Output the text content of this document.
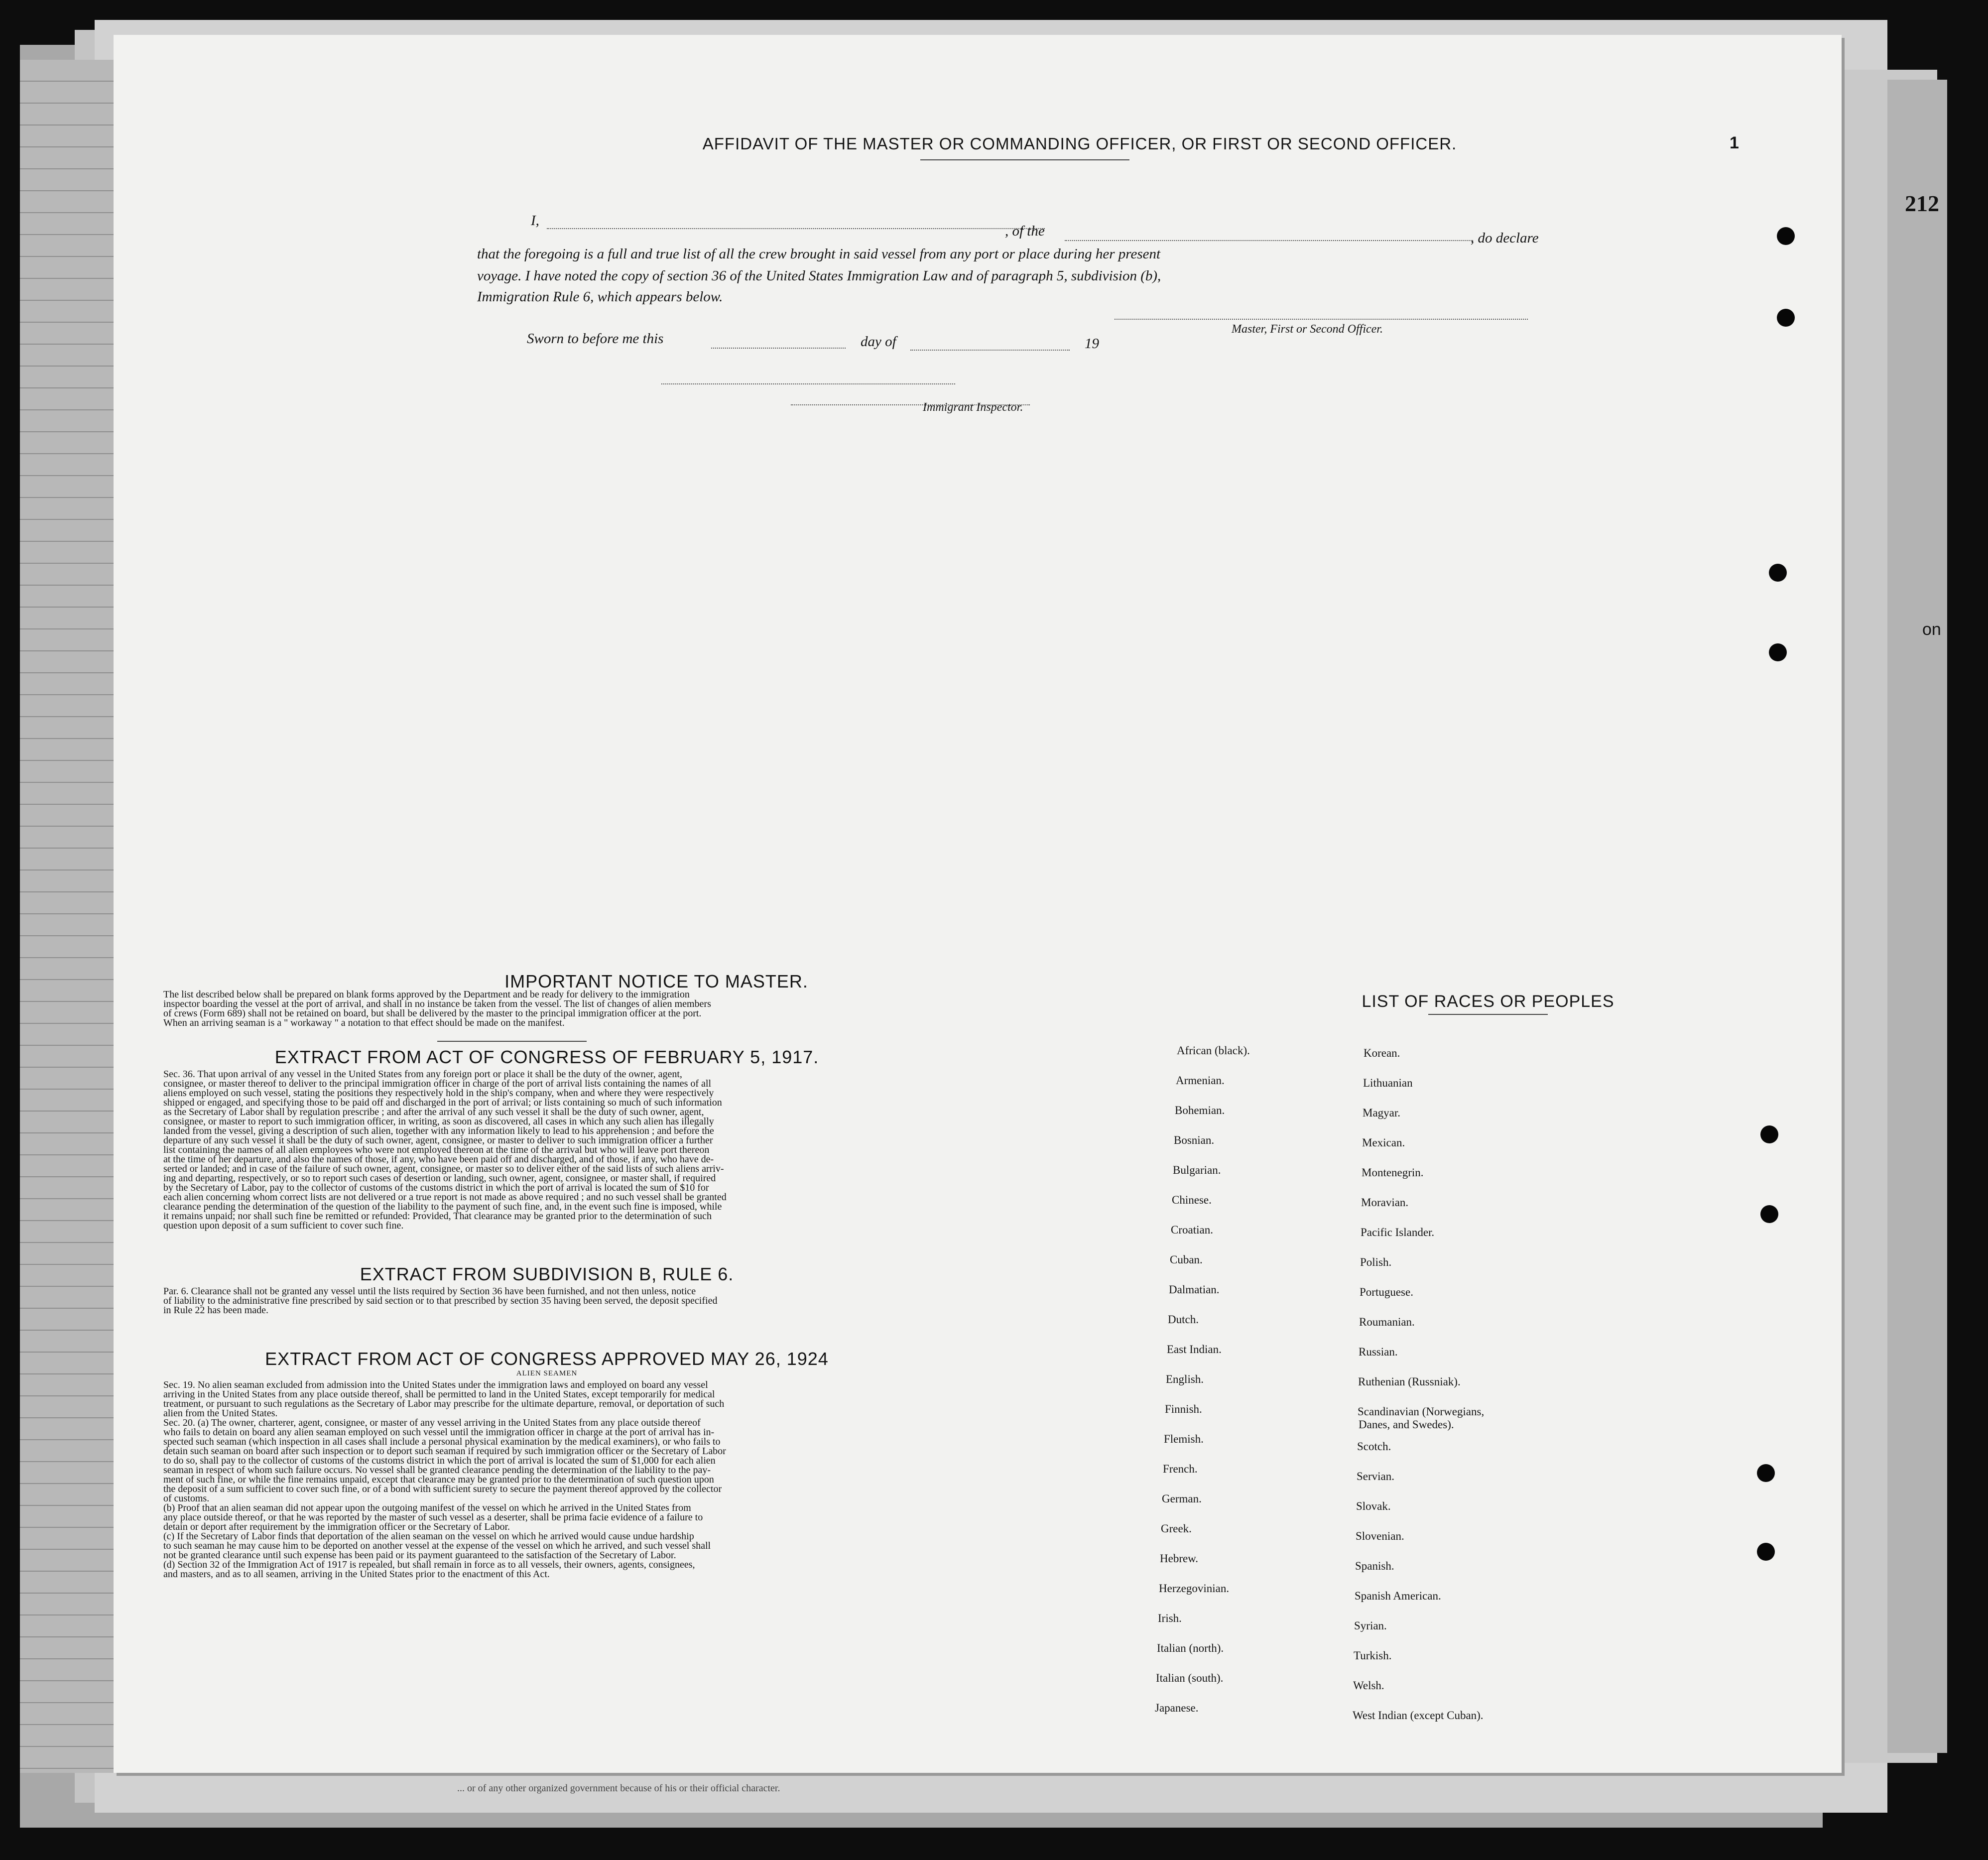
212
on
1
AFFIDAVIT OF THE MASTER OR COMMANDING OFFICER, OR FIRST OR SECOND OFFICER.
I,
, of the	, do declare
that the foregoing is a full and true list of all the crew brought in said vessel from any port or place during her present
voyage. I have noted the copy of section 36 of the United States Immigration Law and of paragraph 5, subdivision (b),
Immigration Rule 6, which appears below.
Master, First or Second Officer.
Sworn to before me this	day of	19
Immigrant Inspector.
IMPORTANT NOTICE TO MASTER.
The list described below shall be prepared on blank forms approved by the Department and be ready for delivery to the immigration
inspector boarding the vessel at the port of arrival, and shall in no instance be taken from the vessel. The list of changes of alien members
of crews (Form 689) shall not be retained on board, but shall be delivered by the master to the principal immigration officer at the port.
When an arriving seaman is a " workaway " a notation to that effect should be made on the manifest.
EXTRACT FROM ACT OF CONGRESS OF FEBRUARY 5, 1917.
Sec. 36. That upon arrival of any vessel in the United States from any foreign port or place it shall be the duty of the owner, agent,
consignee, or master thereof to deliver to the principal immigration officer in charge of the port of arrival lists containing the names of all
aliens employed on such vessel, stating the positions they respectively hold in the ship's company, when and where they were respectively
shipped or engaged, and specifying those to be paid off and discharged in the port of arrival; or lists containing so much of such information
as the Secretary of Labor shall by regulation prescribe ; and after the arrival of any such vessel it shall be the duty of such owner, agent,
consignee, or master to report to such immigration officer, in writing, as soon as discovered, all cases in which any such alien has illegally
landed from the vessel, giving a description of such alien, together with any information likely to lead to his apprehension ; and before the
departure of any such vessel it shall be the duty of such owner, agent, consignee, or master to deliver to such immigration officer a further
list containing the names of all alien employees who were not employed thereon at the time of the arrival but who will leave port thereon
at the time of her departure, and also the names of those, if any, who have been paid off and discharged, and of those, if any, who have de-
serted or landed; and in case of the failure of such owner, agent, consignee, or master so to deliver either of the said lists of such aliens arriv-
ing and departing, respectively, or so to report such cases of desertion or landing, such owner, agent, consignee, or master shall, if required
by the Secretary of Labor, pay to the collector of customs of the customs district in which the port of arrival is located the sum of $10 for
each alien concerning whom correct lists are not delivered or a true report is not made as above required ; and no such vessel shall be granted
clearance pending the determination of the question of the liability to the payment of such fine, and, in the event such fine is imposed, while
it remains unpaid; nor shall such fine be remitted or refunded: Provided, That clearance may be granted prior to the determination of such
question upon deposit of a sum sufficient to cover such fine.
EXTRACT FROM SUBDIVISION B, RULE 6.
Par. 6. Clearance shall not be granted any vessel until the lists required by Section 36 have been furnished, and not then unless, notice
of liability to the administrative fine prescribed by said section or to that prescribed by section 35 having been served, the deposit specified
in Rule 22 has been made.
EXTRACT FROM ACT OF CONGRESS APPROVED MAY 26, 1924
ALIEN SEAMEN
Sec. 19. No alien seaman excluded from admission into the United States under the immigration laws and employed on board any vessel
arriving in the United States from any place outside thereof, shall be permitted to land in the United States, except temporarily for medical
treatment, or pursuant to such regulations as the Secretary of Labor may prescribe for the ultimate departure, removal, or deportation of such
alien from the United States.
Sec. 20. (a) The owner, charterer, agent, consignee, or master of any vessel arriving in the United States from any place outside thereof
who fails to detain on board any alien seaman employed on such vessel until the immigration officer in charge at the port of arrival has in-
spected such seaman (which inspection in all cases shall include a personal physical examination by the medical examiners), or who fails to
detain such seaman on board after such inspection or to deport such seaman if required by such immigration officer or the Secretary of Labor
to do so, shall pay to the collector of customs of the customs district in which the port of arrival is located the sum of $1,000 for each alien
seaman in respect of whom such failure occurs. No vessel shall be granted clearance pending the determination of the liability to the pay-
ment of such fine, or while the fine remains unpaid, except that clearance may be granted prior to the determination of such question upon
the deposit of a sum sufficient to cover such fine, or of a bond with sufficient surety to secure the payment thereof approved by the collector
of customs.
(b) Proof that an alien seaman did not appear upon the outgoing manifest of the vessel on which he arrived in the United States from
any place outside thereof, or that he was reported by the master of such vessel as a deserter, shall be prima facie evidence of a failure to
detain or deport after requirement by the immigration officer or the Secretary of Labor.
(c) If the Secretary of Labor finds that deportation of the alien seaman on the vessel on which he arrived would cause undue hardship
to such seaman he may cause him to be deported on another vessel at the expense of the vessel on which he arrived, and such vessel shall
not be granted clearance until such expense has been paid or its payment guaranteed to the satisfaction of the Secretary of Labor.
(d) Section 32 of the Immigration Act of 1917 is repealed, but shall remain in force as to all vessels, their owners, agents, consignees,
and masters, and as to all seamen, arriving in the United States prior to the enactment of this Act.
LIST OF RACES OR PEOPLES
Danes, and Swedes).
... or of any other organized government because of his or their official character.
African (black).
Armenian.
Bohemian.
Bosnian.
Bulgarian.
Chinese.
Croatian.
Cuban.
Dalmatian.
Dutch.
East Indian.
English.
Finnish.
Flemish.
French.
German.
Greek.
Hebrew.
Herzegovinian.
Irish.
Italian (north).
Italian (south).
Japanese.
Korean.
Lithuanian
Magyar.
Mexican.
Montenegrin.
Moravian.
Pacific Islander.
Polish.
Portuguese.
Roumanian.
Russian.
Ruthenian (Russniak).
Scandinavian (Norwegians,
Scotch.
Servian.
Slovak.
Slovenian.
Spanish.
Spanish American.
Syrian.
Turkish.
Welsh.
West Indian (except Cuban).
